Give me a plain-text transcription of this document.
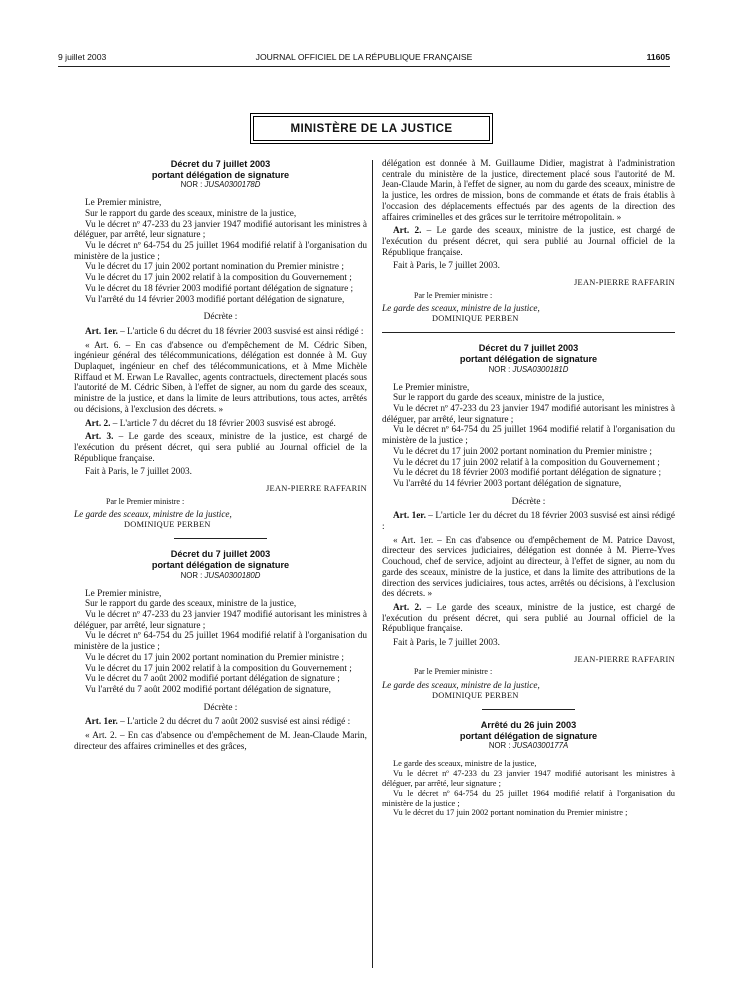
9 juillet 2003	JOURNAL OFFICIEL DE LA RÉPUBLIQUE FRANÇAISE	11605
MINISTÈRE DE LA JUSTICE
Décret du 7 juillet 2003
portant délégation de signature
NOR : JUSA0300178D

Le Premier ministre,

Sur le rapport du garde des sceaux, ministre de la justice,

Vu le décret nº 47-233 du 23 janvier 1947 modifié autorisant les ministres à déléguer, par arrêté, leur signature ;

Vu le décret nº 64-754 du 25 juillet 1964 modifié relatif à l'organisation du ministère de la justice ;

Vu le décret du 17 juin 2002 portant nomination du Premier ministre ;

Vu le décret du 17 juin 2002 relatif à la composition du Gouvernement ;

Vu le décret du 18 février 2003 modifié portant délégation de signature ;

Vu l'arrêté du 14 février 2003 modifié portant délégation de signature,

Décrète :

Art. 1er. – L'article 6 du décret du 18 février 2003 susvisé est ainsi rédigé :

« Art. 6. – En cas d'absence ou d'empêchement de M. Cédric Siben, ingénieur général des télécommunications, délégation est donnée à M. Guy Duplaquet, ingénieur en chef des télécommunications, et à Mme Michèle Riffaud et M. Erwan Le Ravallec, agents contractuels, directement placés sous l'autorité de M. Cédric Siben, à l'effet de signer, au nom du garde des sceaux, ministre de la justice, et dans la limite de leurs attributions, tous actes, arrêtés ou décisions, à l'exclusion des décrets. »

Art. 2. – L'article 7 du décret du 18 février 2003 susvisé est abrogé.

Art. 3. – Le garde des sceaux, ministre de la justice, est chargé de l'exécution du présent décret, qui sera publié au Journal officiel de la République française.

Fait à Paris, le 7 juillet 2003.

JEAN-PIERRE RAFFARIN
Par le Premier ministre :
Le garde des sceaux, ministre de la justice,
DOMINIQUE PERBEN
Décret du 7 juillet 2003
portant délégation de signature
NOR : JUSA0300180D

Le Premier ministre,

Sur le rapport du garde des sceaux, ministre de la justice,

Vu le décret nº 47-233 du 23 janvier 1947 modifié autorisant les ministres à déléguer, par arrêté, leur signature ;

Vu le décret nº 64-754 du 25 juillet 1964 modifié relatif à l'organisation du ministère de la justice ;

Vu le décret du 17 juin 2002 portant nomination du Premier ministre ;

Vu le décret du 17 juin 2002 relatif à la composition du Gouvernement ;

Vu le décret du 7 août 2002 modifié portant délégation de signature ;

Vu l'arrêté du 7 août 2002 modifié portant délégation de signature,

Décrète :

Art. 1er. – L'article 2 du décret du 7 août 2002 susvisé est ainsi rédigé :

« Art. 2. – En cas d'absence ou d'empêchement de M. Jean-Claude Marin, directeur des affaires criminelles et des grâces,

délégation est donnée à M. Guillaume Didier, magistrat à l'administration centrale du ministère de la justice, directement placé sous l'autorité de M. Jean-Claude Marin, à l'effet de signer, au nom du garde des sceaux, ministre de la justice, les ordres de mission, bons de commande et états de frais établis à l'occasion des déplacements effectués par des agents de la direction des affaires criminelles et des grâces sur le territoire métropolitain. »

Art. 2. – Le garde des sceaux, ministre de la justice, est chargé de l'exécution du présent décret, qui sera publié au Journal officiel de la République française.

Fait à Paris, le 7 juillet 2003.

JEAN-PIERRE RAFFARIN
Par le Premier ministre :
Le garde des sceaux, ministre de la justice,
DOMINIQUE PERBEN
Décret du 7 juillet 2003
portant délégation de signature
NOR : JUSA0300181D

Le Premier ministre,

Sur le rapport du garde des sceaux, ministre de la justice,

Vu le décret nº 47-233 du 23 janvier 1947 modifié autorisant les ministres à déléguer, par arrêté, leur signature ;

Vu le décret nº 64-754 du 25 juillet 1964 modifié relatif à l'organisation du ministère de la justice ;

Vu le décret du 17 juin 2002 portant nomination du Premier ministre ;

Vu le décret du 17 juin 2002 relatif à la composition du Gouvernement ;

Vu le décret du 18 février 2003 modifié portant délégation de signature ;

Vu l'arrêté du 14 février 2003 portant délégation de signature,

Décrète :

Art. 1er. – L'article 1er du décret du 18 février 2003 susvisé est ainsi rédigé :

« Art. 1er. – En cas d'absence ou d'empêchement de M. Patrice Davost, directeur des services judiciaires, délégation est donnée à M. Pierre-Yves Couchoud, chef de service, adjoint au directeur, à l'effet de signer, au nom du garde des sceaux, ministre de la justice, et dans la limite des attributions de la direction des services judiciaires, tous actes, arrêtés ou décisions, à l'exclusion des décrets. »

Art. 2. – Le garde des sceaux, ministre de la justice, est chargé de l'exécution du présent décret, qui sera publié au Journal officiel de la République française.

Fait à Paris, le 7 juillet 2003.

JEAN-PIERRE RAFFARIN
Par le Premier ministre :
Le garde des sceaux, ministre de la justice,
DOMINIQUE PERBEN
Arrêté du 26 juin 2003
portant délégation de signature
NOR : JUSA0300177A

Le garde des sceaux, ministre de la justice,

Vu le décret nº 47-233 du 23 janvier 1947 modifié autorisant les ministres à déléguer, par arrêté, leur signature ;

Vu le décret nº 64-754 du 25 juillet 1964 modifié relatif à l'organisation du ministère de la justice ;

Vu le décret du 17 juin 2002 portant nomination du Premier ministre ;
